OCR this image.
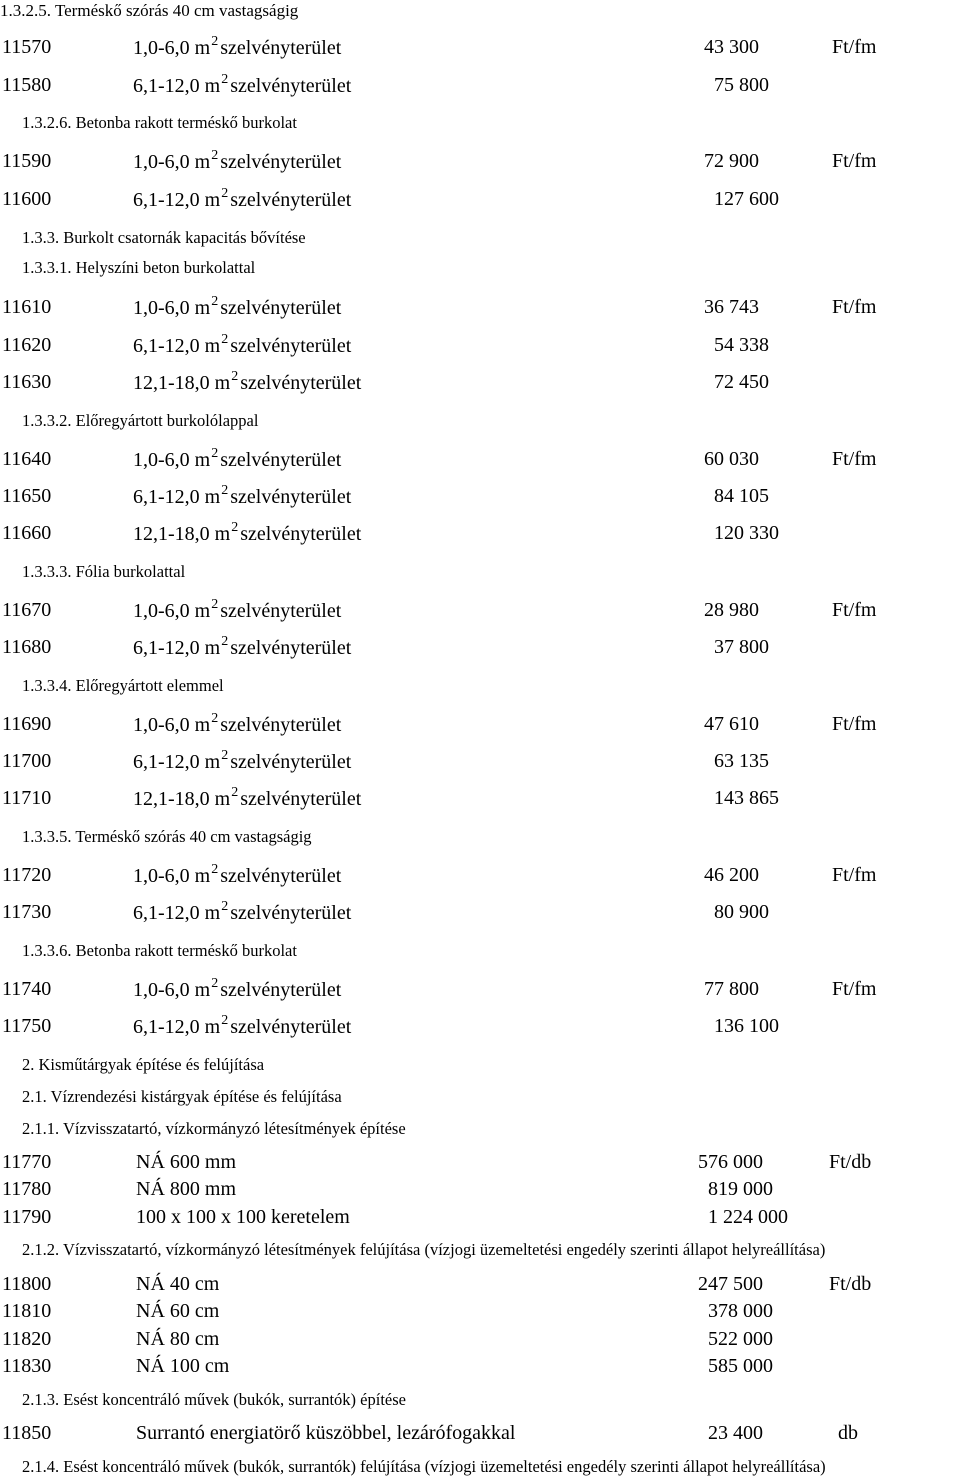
1.3.2.5. Terméskő szórás 40 cm vastagságig
11570	1,0-6,0 $m^2$ szelvényterület	43 300	Ft/fm
11580	6,1-12,0 $m^2$ szelvényterület	75 800
1.3.2.6. Betonba rakott terméskő burkolat
11590	1,0-6,0 $m^2$ szelvényterület	72 900	Ft/fm
11600	6,1-12,0 $m^2$ szelvényterület	127 600
1.3.3. Burkolt csatornák kapacitás bővítése
1.3.3.1. Helyszíni beton burkolattal
11610	1,0-6,0 $m^2$ szelvényterület	36 743	Ft/fm
11620	6,1-12,0 $m^2$ szelvényterület	54 338
11630	12,1-18,0 $m^2$ szelvényterület	72 450
1.3.3.2. Előregyártott burkolólappal
11640	1,0-6,0 $m^2$ szelvényterület	60 030	Ft/fm
11650	6,1-12,0 $m^2$ szelvényterület	84 105
11660	12,1-18,0 $m^2$ szelvényterület	120 330
1.3.3.3. Fólia burkolattal
11670	1,0-6,0 $m^2$ szelvényterület	28 980	Ft/fm
11680	6,1-12,0 $m^2$ szelvényterület	37 800
1.3.3.4. Előregyártott elemmel
11690	1,0-6,0 $m^2$ szelvényterület	47 610	Ft/fm
11700	6,1-12,0 $m^2$ szelvényterület	63 135
11710	12,1-18,0 $m^2$ szelvényterület	143 865
1.3.3.5. Terméskő szórás 40 cm vastagságig
11720	1,0-6,0 $m^2$ szelvényterület	46 200	Ft/fm
11730	6,1-12,0 $m^2$ szelvényterület	80 900
1.3.3.6. Betonba rakott terméskő burkolat
11740	1,0-6,0 $m^2$ szelvényterület	77 800	Ft/fm
11750	6,1-12,0 $m^2$ szelvényterület	136 100
2. Kisműtárgyak építése és felújítása
2.1. Vízrendezési kistárgyak építése és felújítása
2.1.1. Vízvisszatartó, vízkormányzó létesítmények építése
11770	NÁ 600 mm	576 000	Ft/db
11780	NÁ 800 mm	819 000
11790	100 x 100 x 100 keretelem	1 224 000
2.1.2. Vízvisszatartó, vízkormányzó létesítmények felújítása (vízjogi üzemeltetési engedély szerinti állapot helyreállítása)
11800	NÁ 40 cm	247 500	Ft/db
11810	NÁ 60 cm	378 000
11820	NÁ 80 cm	522 000
11830	NÁ 100 cm	585 000
2.1.3. Esést koncentráló művek (bukók, surrantók) építése
11850	Surrantó energiatörő küszöbbel, lezárófogakkal	23 400	db
2.1.4. Esést koncentráló művek (bukók, surrantók) felújítása (vízjogi üzemeltetési engedély szerinti állapot helyreállítása)
